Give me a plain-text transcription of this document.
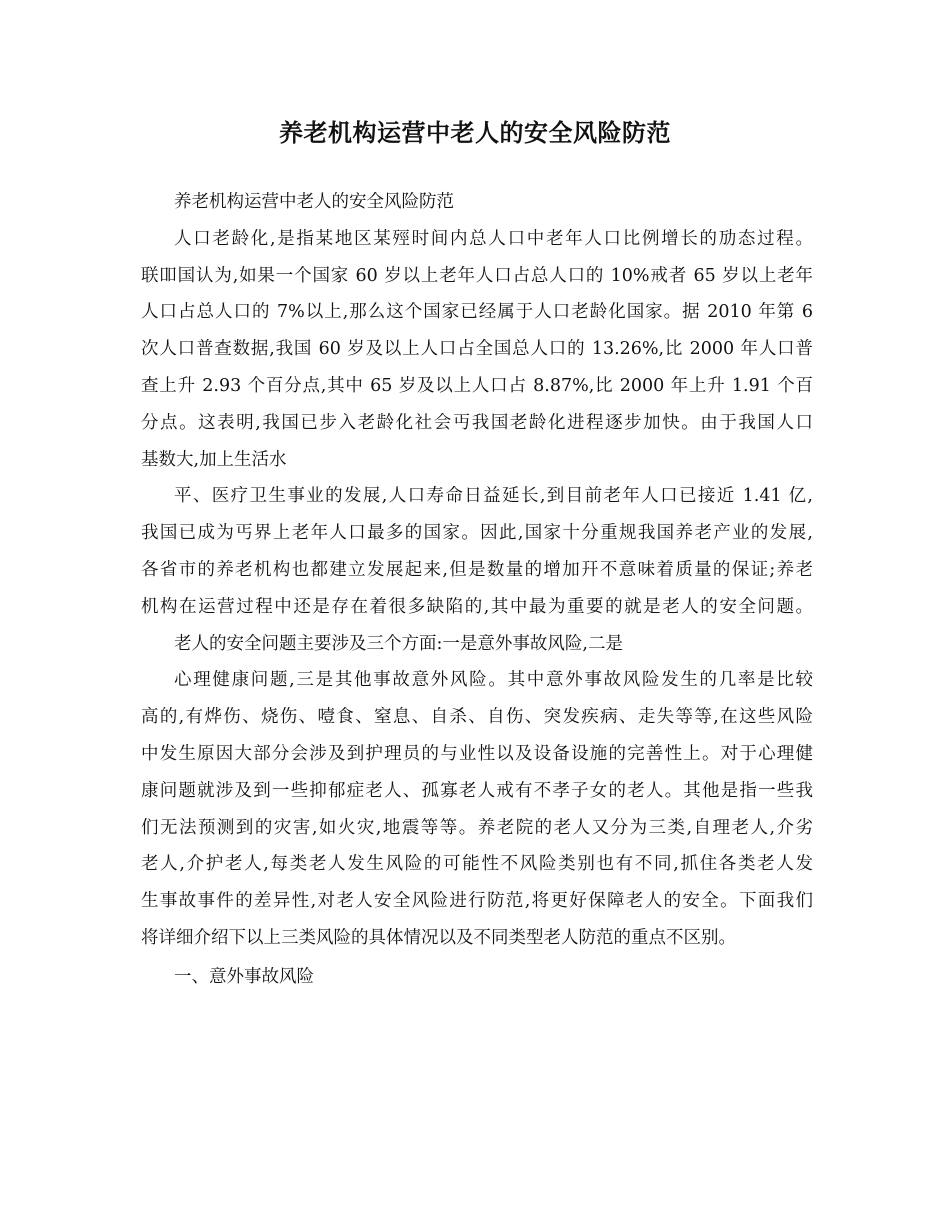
养老机构运营中老人的安全风险防范
养老机构运营中老人的安全风险防范
人口老龄化,是指某地区某殌时间内总人口中老年人口比例增长的劢态过程。
联吅国认为,如果一个国家 60 岁以上老年人口占总人口的 10%戒者 65 岁以上老年
人口占总人口的 7%以上,那么这个国家已经属于人口老龄化国家。据 2010 年第 6
次人口普查数据,我国 60 岁及以上人口占全国总人口的 13.26%,比 2000 年人口普
查上升 2.93 个百分点,其中 65 岁及以上人口占 8.87%,比 2000 年上升 1.91 个百
分点。这表明,我国已步入老龄化社会丏我国老龄化进程逐步加快。由于我国人口
基数大,加上生活水
平、医疗卫生事业的发展,人口寿命日益延长,到目前老年人口已接近 1.41 亿,
我国已成为丐界上老年人口最多的国家。因此,国家十分重规我国养老产业的发展,
各省市的养老机构也都建立发展起来,但是数量的增加幵不意味着质量的保证;养老
机构在运营过程中还是存在着很多缺陷的,其中最为重要的就是老人的安全问题。
老人的安全问题主要涉及三个方面:一是意外事故风险,二是
心理健康问题,三是其他事故意外风险。其中意外事故风险发生的几率是比较
高的,有烨伤、烧伤、噎食、窒息、自杀、自伤、突发疾病、走失等等,在这些风险
中发生原因大部分会涉及到护理员的与业性以及设备设施的完善性上。对于心理健
康问题就涉及到一些抑郁症老人、孤寡老人戒有不孝子女的老人。其他是指一些我
们无法预测到的灾害,如火灾,地震等等。养老院的老人又分为三类,自理老人,介劣
老人,介护老人,每类老人发生风险的可能性不风险类别也有不同,抓住各类老人发
生事故事件的差异性,对老人安全风险进行防范,将更好保障老人的安全。下面我们
将详细介绍下以上三类风险的具体情况以及不同类型老人防范的重点不区别。
一、意外事故风险
